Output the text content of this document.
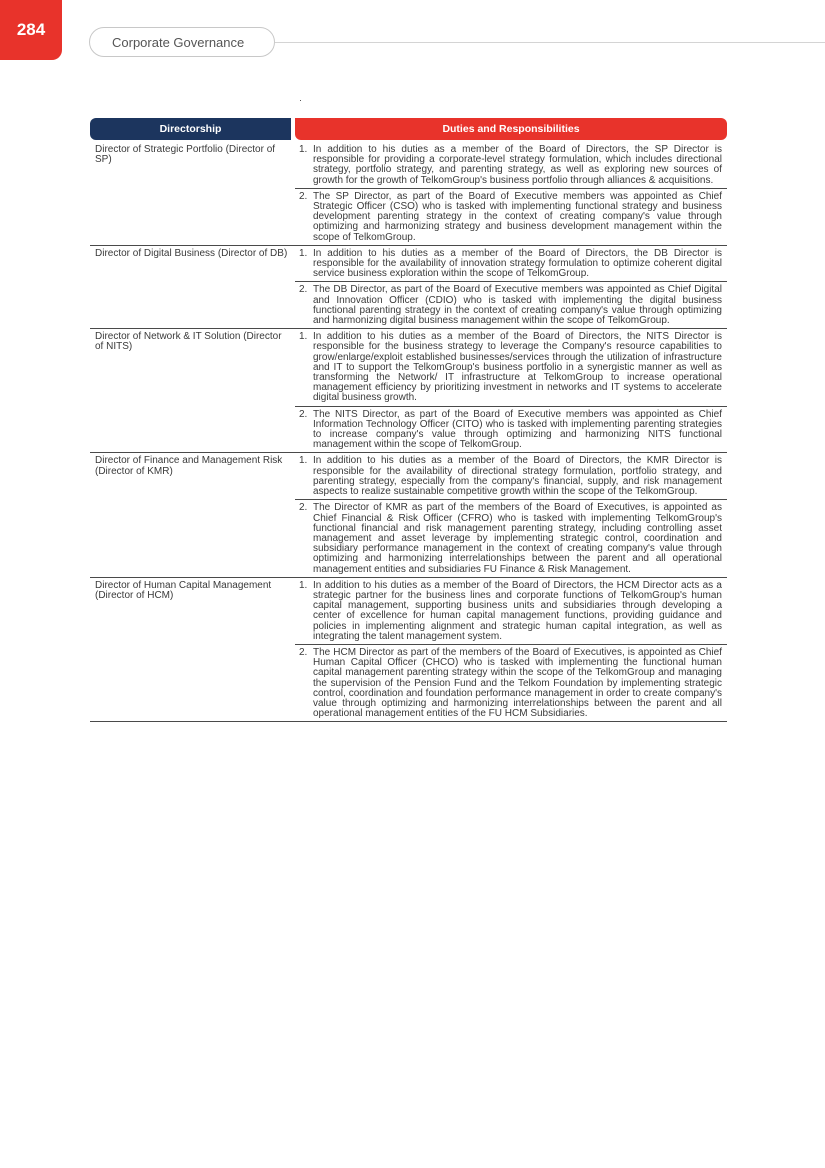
284
Corporate Governance
Directorship	Duties and Responsibilities
Director of Strategic Portfolio (Director of SP)	1. In addition to his duties as a member of the Board of Directors, the SP Director is responsible for providing a corporate-level strategy formulation, which includes directional strategy, portfolio strategy, and parenting strategy, as well as exploring new sources of growth for the growth of TelkomGroup's business portfolio through alliances & acquisitions.

	2. The SP Director, as part of the Board of Executive members was appointed as Chief Strategic Officer (CSO) who is tasked with implementing functional strategy and business development parenting strategy in the context of creating company's value through optimizing and harmonizing strategy and business development management within the scope of TelkomGroup.

Director of Digital Business (Director of DB)	1. In addition to his duties as a member of the Board of Directors, the DB Director is responsible for the availability of innovation strategy formulation to optimize coherent digital service business exploration within the scope of TelkomGroup.

	2. The DB Director, as part of the Board of Executive members was appointed as Chief Digital and Innovation Officer (CDIO) who is tasked with implementing the digital business functional parenting strategy in the context of creating company's value through optimizing and harmonizing digital business management within the scope of TelkomGroup.

Director of Network & IT Solution (Director of NITS)	1. In addition to his duties as a member of the Board of Directors, the NITS Director is responsible for the business strategy to leverage the Company's resource capabilities to grow/enlarge/exploit established businesses/services through the utilization of infrastructure and IT to support the TelkomGroup's business portfolio in a synergistic manner as well as transforming the Network/ IT infrastructure at TelkomGroup to increase operational management efficiency by prioritizing investment in networks and IT systems to accelerate digital business growth.

	2. The NITS Director, as part of the Board of Executive members was appointed as Chief Information Technology Officer (CITO) who is tasked with implementing parenting strategies to increase company's value through optimizing and harmonizing NITS functional management within the scope of TelkomGroup.

Director of Finance and Management Risk (Director of KMR)	1. In addition to his duties as a member of the Board of Directors, the KMR Director is responsible for the availability of directional strategy formulation, portfolio strategy, and parenting strategy, especially from the company's financial, supply, and risk management aspects to realize sustainable competitive growth within the scope of the TelkomGroup.

	2. The Director of KMR as part of the members of the Board of Executives, is appointed as Chief Financial & Risk Officer (CFRO) who is tasked with implementing TelkomGroup's functional financial and risk management parenting strategy, including controlling asset management and asset leverage by implementing strategic control, coordination and subsidiary performance management in the context of creating company's value through optimizing and harmonizing interrelationships between the parent and all operational management entities and subsidiaries FU Finance & Risk Management.

Director of Human Capital Management (Director of HCM)	1. In addition to his duties as a member of the Board of Directors, the HCM Director acts as a strategic partner for the business lines and corporate functions of TelkomGroup's human capital management, supporting business units and subsidiaries through developing a center of excellence for human capital management functions, providing guidance and policies in implementing alignment and strategic human capital integration, as well as integrating the talent management system.

	2. The HCM Director as part of the members of the Board of Executives, is appointed as Chief Human Capital Officer (CHCO) who is tasked with implementing the functional human capital management parenting strategy within the scope of the TelkomGroup and managing the supervision of the Pension Fund and the Telkom Foundation by implementing strategic control, coordination and foundation performance management in order to create company's value through optimizing and harmonizing interrelationships between the parent and all operational management entities of the FU HCM Subsidiaries.
